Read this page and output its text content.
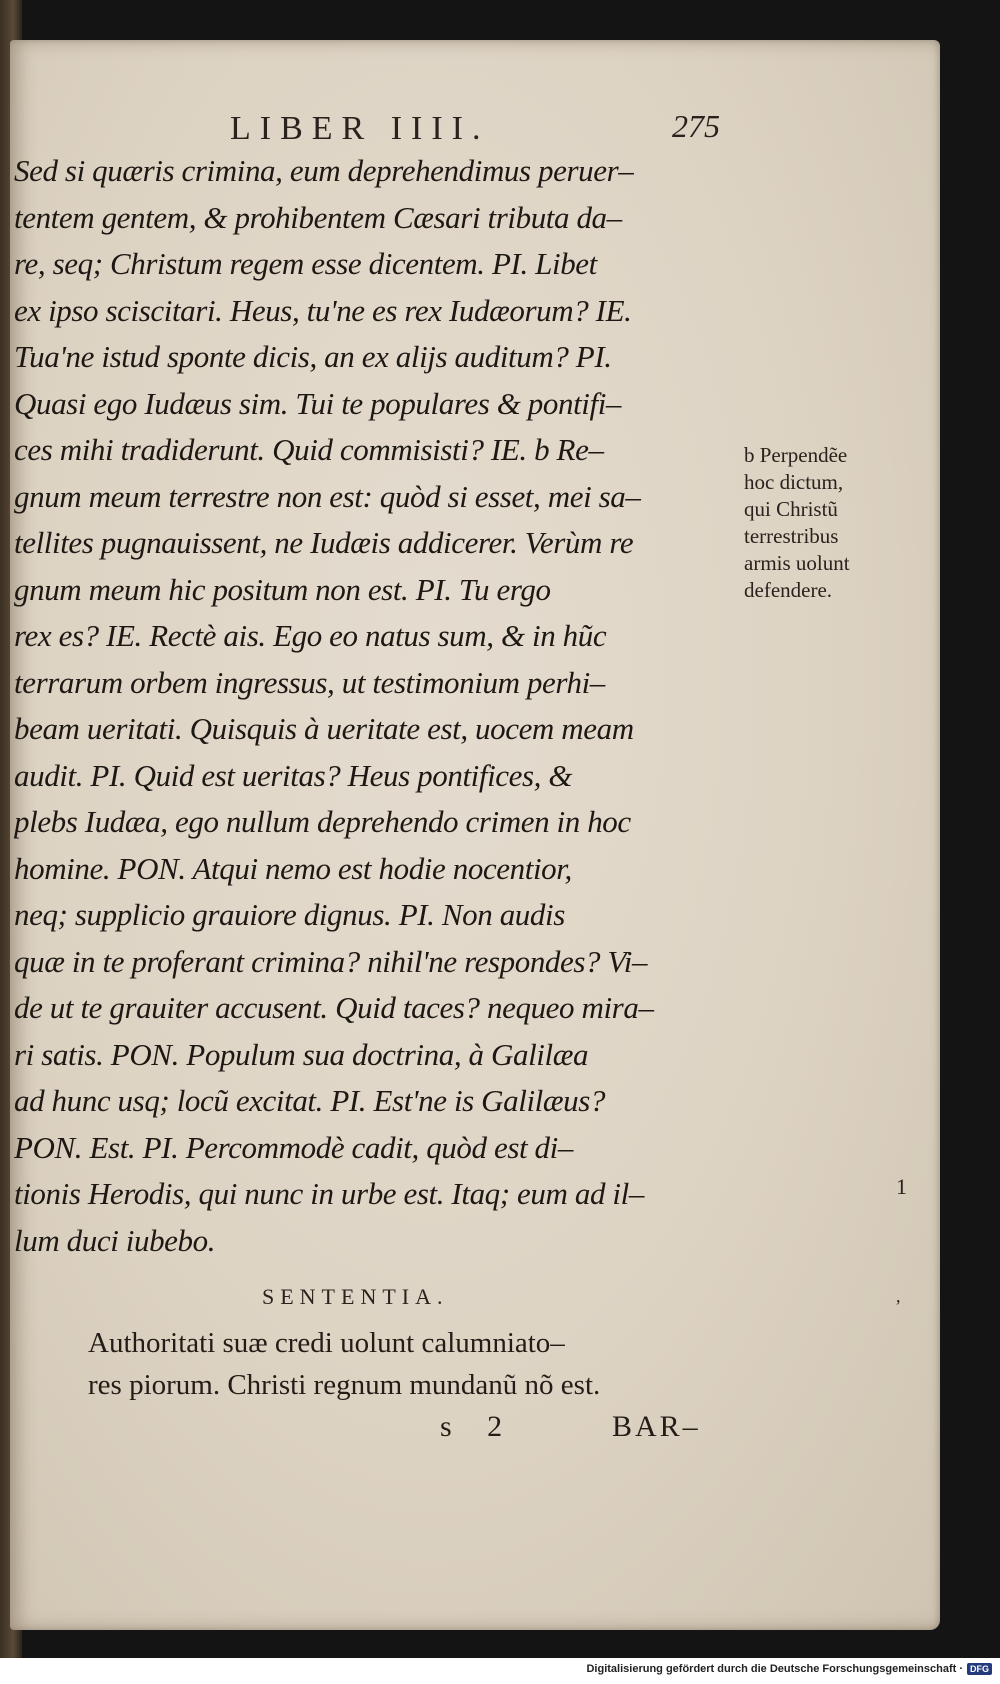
LIBER IIII.	275
Sed si quæris crimina, eum deprehendimus peruer–
tentem gentem, & prohibentem Cæsari tributa da–
re, seq; Christum regem esse dicentem. PI. Libet
ex ipso sciscitari. Heus, tu'ne es rex Iudæorum? IE.
Tua'ne istud sponte dicis, an ex alijs auditum? PI.
Quasi ego Iudæus sim. Tui te populares & pontifi–
ces mihi tradiderunt. Quid commisisti? IE. b Re–
gnum meum terrestre non est: quòd si esset, mei sa–
tellites pugnauissent, ne Iudæis addicerer. Verùm re
gnum meum hic positum non est. PI. Tu ergo
rex es? IE. Rectè ais. Ego eo natus sum, & in hũc
terrarum orbem ingressus, ut testimonium perhi–
beam ueritati. Quisquis à ueritate est, uocem meam
audit. PI. Quid est ueritas? Heus pontifices, &
plebs Iudæa, ego nullum deprehendo crimen in hoc
homine. PON. Atqui nemo est hodie nocentior,
neq; supplicio grauiore dignus. PI. Non audis
quæ in te proferant crimina? nihil'ne respondes? Vi–
de ut te grauiter accusent. Quid taces? nequeo mira–
ri satis. PON. Populum sua doctrina, à Galilæa
ad hunc usq; locũ excitat. PI. Est'ne is Galilæus?
PON. Est. PI. Percommodè cadit, quòd est di–
tionis Herodis, qui nunc in urbe est. Itaq; eum ad il–
lum duci iubebo.
b Perpendẽe
hoc dictum,
qui Christũ
terrestribus
armis uolunt
defendere.
1
,
SENTENTIA.
Authoritati suæ credi uolunt calumniato–
res piorum. Christi regnum mundanũ nõ est.
s 2	BAR–
Digitalisierung gefördert durch die Deutsche Forschungsgemeinschaft · DFG
